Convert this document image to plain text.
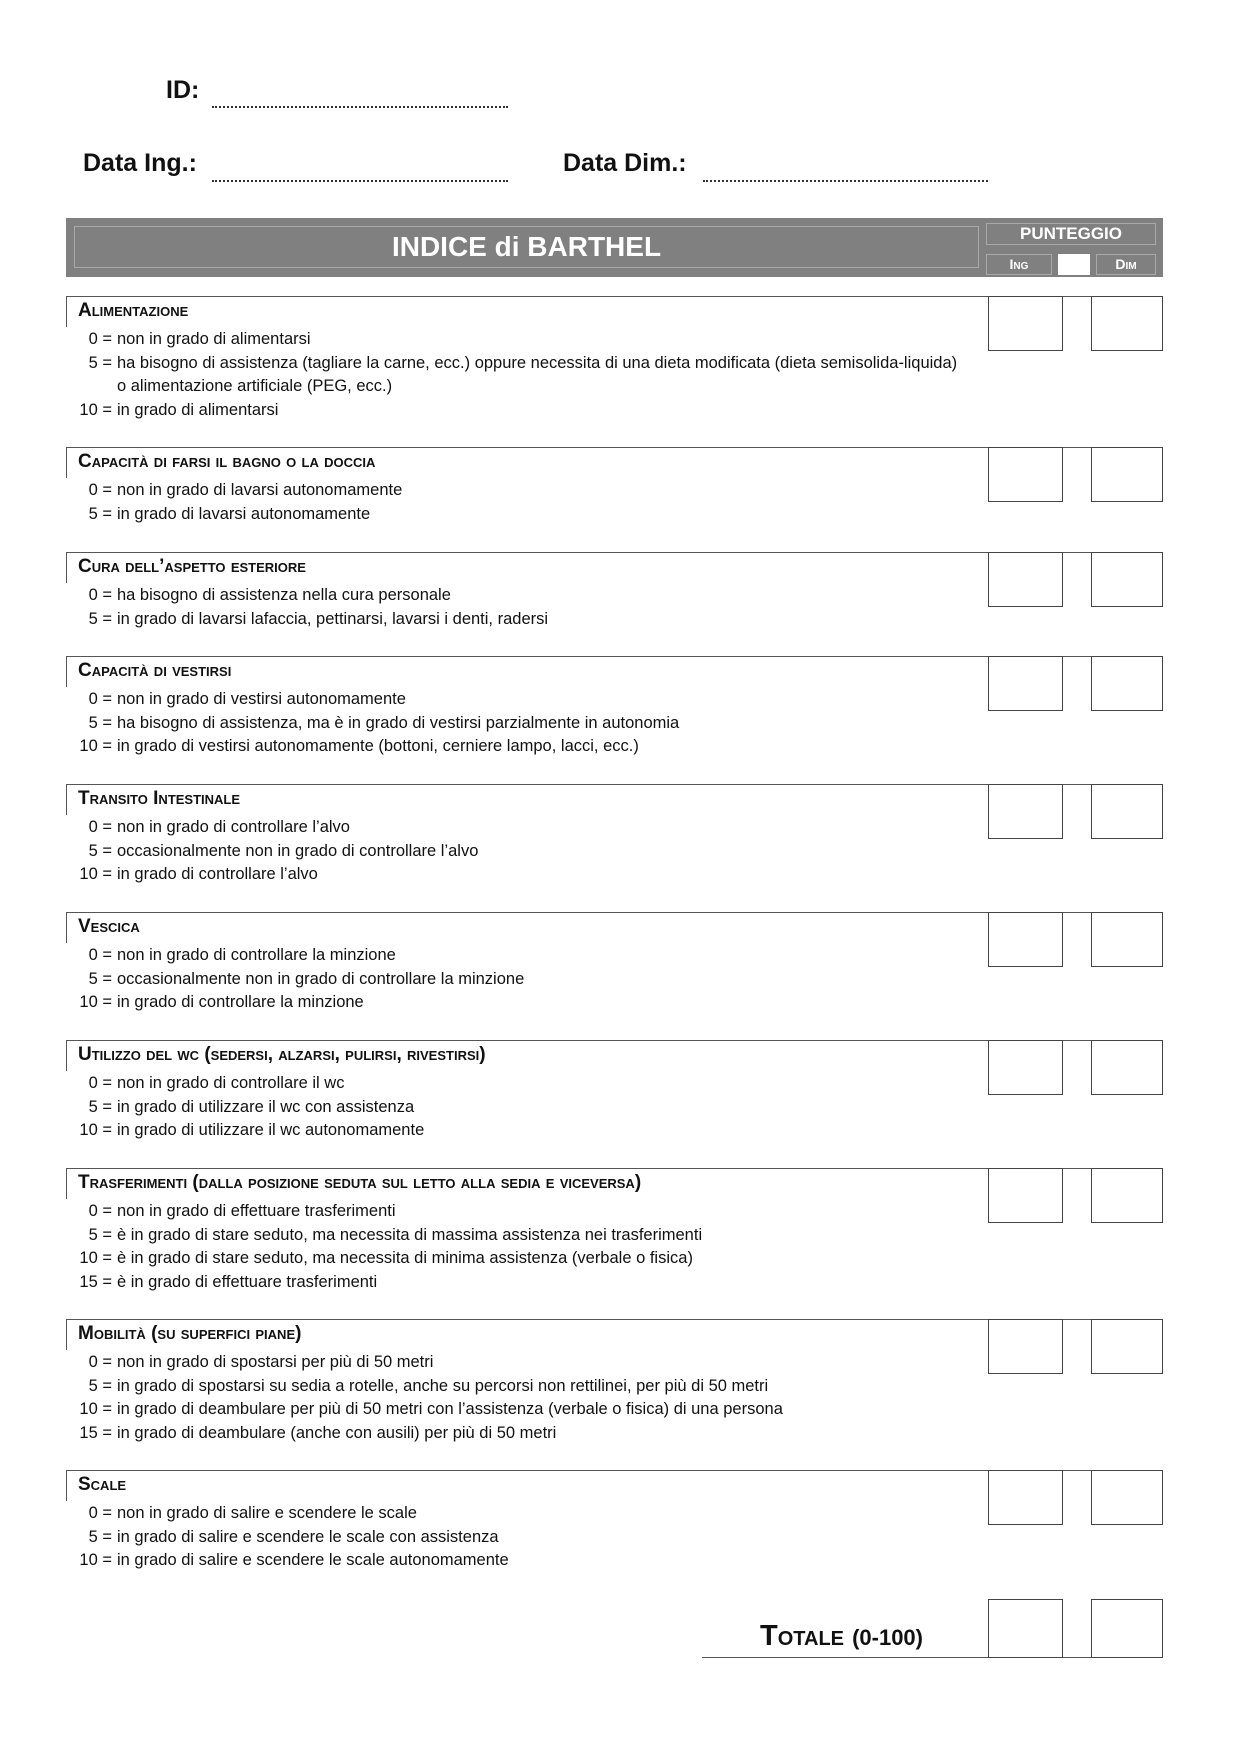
ID:
Data Ing.:	Data Dim.:
INDICE di BARTHEL	PUNTEGGIO
Ing	Dim
Alimentazione
0 = non in grado di alimentarsi
5 = ha bisogno di assistenza (tagliare la carne, ecc.) oppure necessita di una dieta modificata (dieta semisolida-liquida) o alimentazione artificiale (PEG, ecc.)
10 = in grado di alimentarsi
Capacità di farsi il bagno o la doccia
0 = non in grado di lavarsi autonomamente
5 = in grado di lavarsi autonomamente
Cura dell’aspetto esteriore
0 = ha bisogno di assistenza nella cura personale
5 = in grado di lavarsi lafaccia, pettinarsi, lavarsi i denti, radersi
Capacità di vestirsi
0 = non in grado di vestirsi autonomamente
5 = ha bisogno di assistenza, ma è in grado di vestirsi parzialmente in autonomia
10 = in grado di vestirsi autonomamente (bottoni, cerniere lampo, lacci, ecc.)
Transito Intestinale
0 = non in grado di controllare l’alvo
5 = occasionalmente non in grado di controllare l’alvo
10 = in grado di controllare l’alvo
Vescica
0 = non in grado di controllare la minzione
5 = occasionalmente non in grado di controllare la minzione
10 = in grado di controllare la minzione
Utilizzo del wc (sedersi, alzarsi, pulirsi, rivestirsi)
0 = non in grado di controllare il wc
5 = in grado di utilizzare il wc con assistenza
10 = in grado di utilizzare il wc autonomamente
Trasferimenti (dalla posizione seduta sul letto alla sedia e viceversa)
0 = non in grado di effettuare trasferimenti
5 = è in grado di stare seduto, ma necessita di massima assistenza nei trasferimenti
10 = è in grado di stare seduto, ma necessita di minima assistenza (verbale o fisica)
15 = è in grado di effettuare trasferimenti
Mobilità (su superfici piane)
0 = non in grado di spostarsi per più di 50 metri
5 = in grado di spostarsi su sedia a rotelle, anche su percorsi non rettilinei, per più di 50 metri
10 = in grado di deambulare per più di 50 metri con l’assistenza (verbale o fisica) di una persona
15 = in grado di deambulare (anche con ausili) per più di 50 metri
Scale
0 = non in grado di salire e scendere le scale
5 = in grado di salire e scendere le scale con assistenza
10 = in grado di salire e scendere le scale autonomamente
Totale (0-100)
